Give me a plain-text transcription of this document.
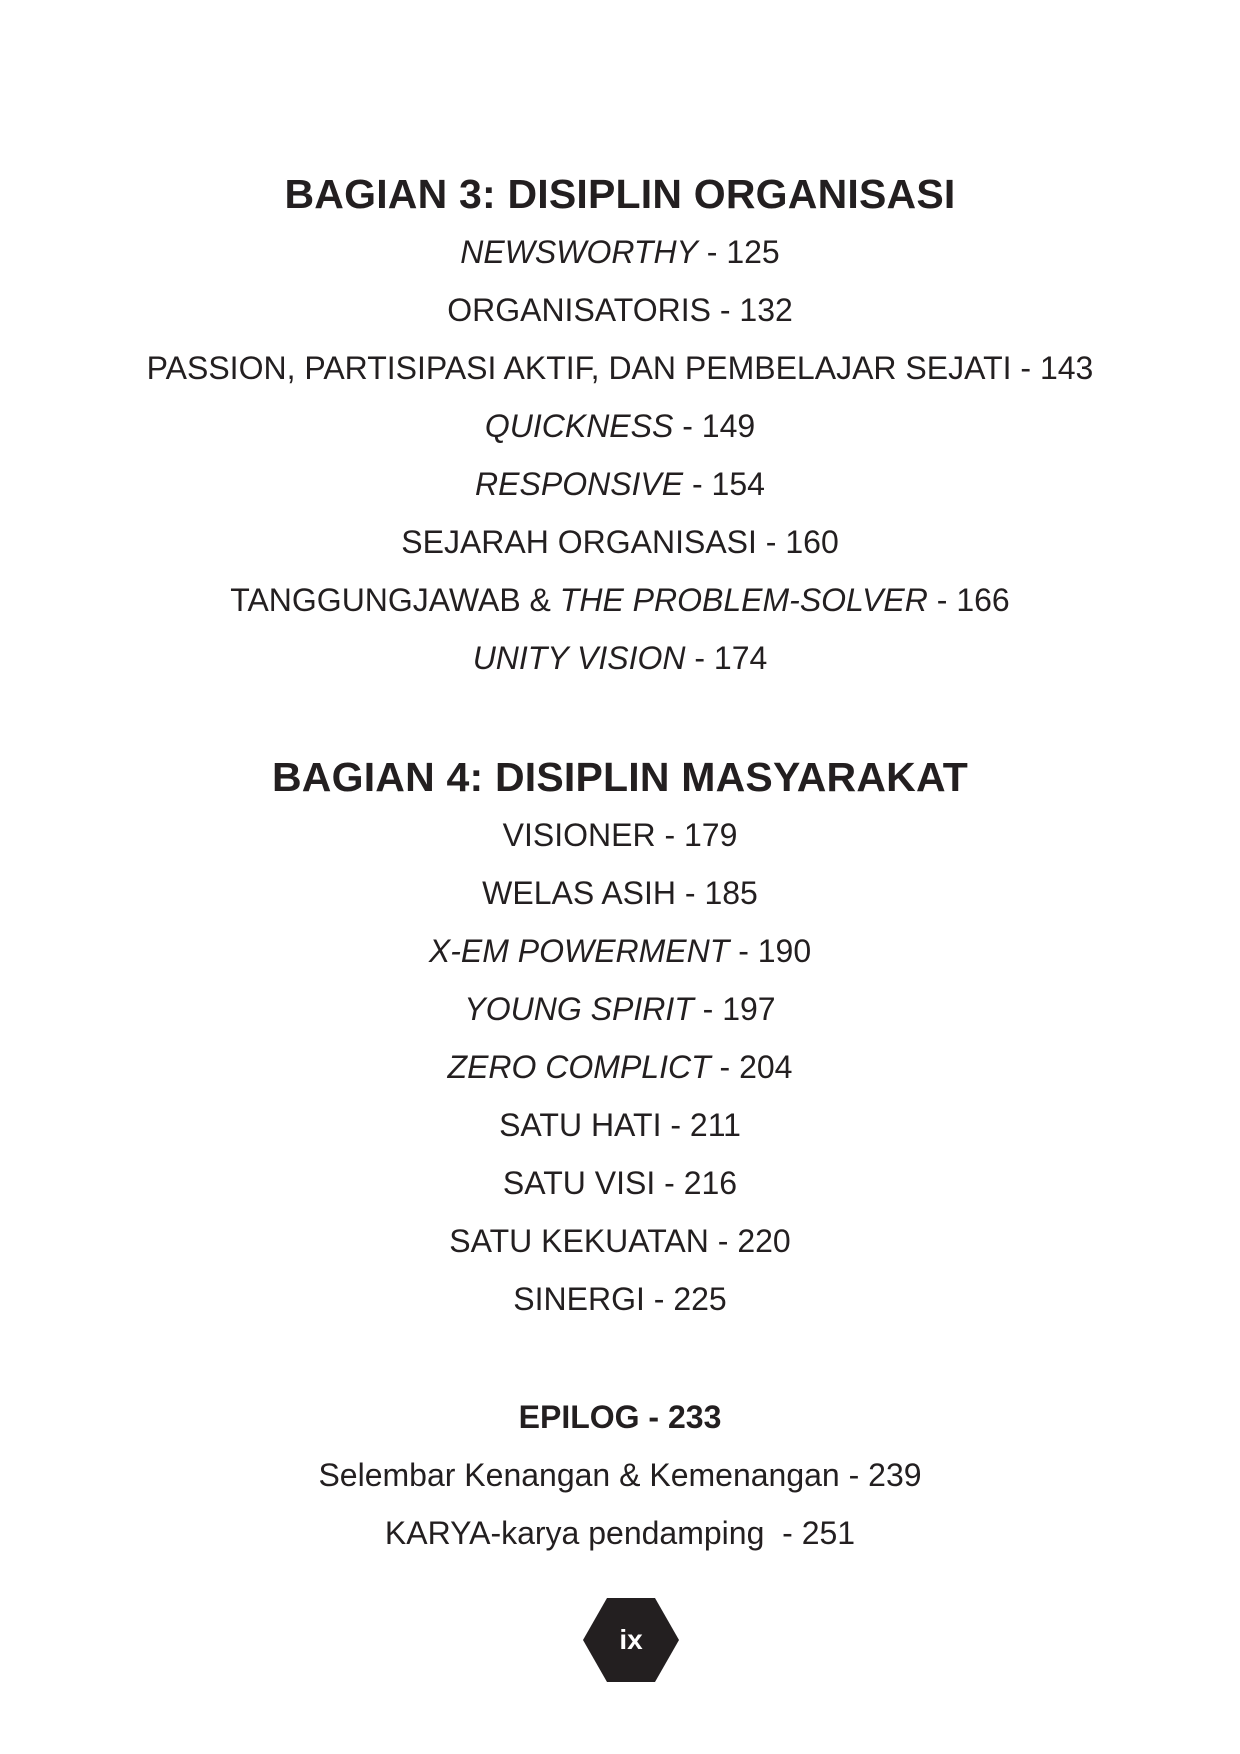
BAGIAN 3: DISIPLIN ORGANISASI

NEWSWORTHY - 125

ORGANISATORIS - 132

PASSION, PARTISIPASI AKTIF, DAN PEMBELAJAR SEJATI - 143

QUICKNESS - 149

RESPONSIVE - 154

SEJARAH ORGANISASI - 160

TANGGUNGJAWAB & THE PROBLEM-SOLVER - 166

UNITY VISION - 174

BAGIAN 4: DISIPLIN MASYARAKAT

VISIONER - 179

WELAS ASIH - 185

X-EM POWERMENT - 190

YOUNG SPIRIT - 197

ZERO COMPLICT - 204

SATU HATI - 211

SATU VISI - 216

SATU KEKUATAN - 220

SINERGI - 225

EPILOG - 233

Selembar Kenangan & Kemenangan - 239

KARYA-karya pendamping  - 251

ix
